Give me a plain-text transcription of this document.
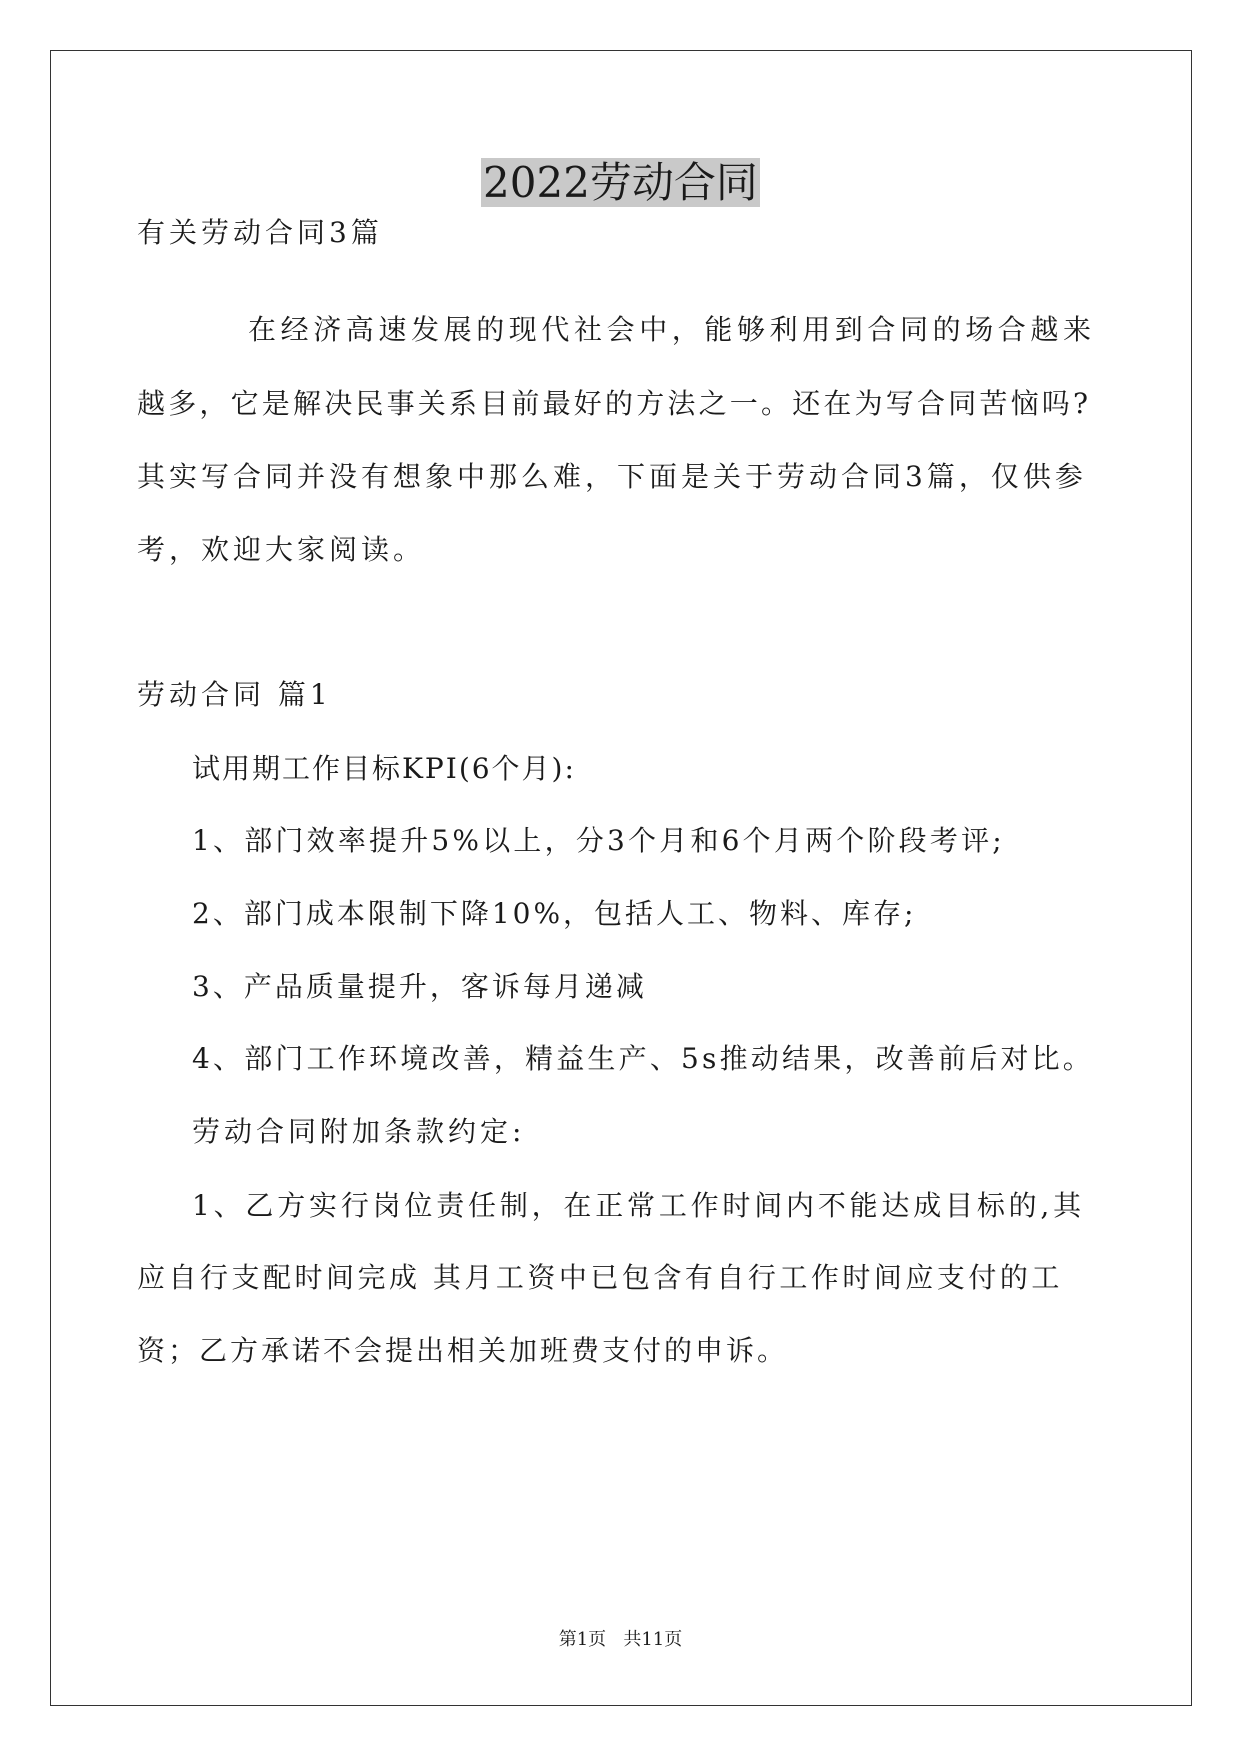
2022劳动合同

有关劳动合同3篇

在经济高速发展的现代社会中，能够利用到合同的场合越来

越多，它是解决民事关系目前最好的方法之一。还在为写合同苦恼吗?

其实写合同并没有想象中那么难，下面是关于劳动合同3篇，仅供参

考，欢迎大家阅读。

劳动合同 篇1

试用期工作目标KPI(6个月):

1、部门效率提升5%以上，分3个月和6个月两个阶段考评;

2、部门成本限制下降10%，包括人工、物料、库存;

3、产品质量提升，客诉每月递减

4、部门工作环境改善，精益生产、5s推动结果，改善前后对比。

劳动合同附加条款约定:

1、乙方实行岗位责任制，在正常工作时间内不能达成目标的,其

应自行支配时间完成 其月工资中已包含有自行工作时间应支付的工

资；乙方承诺不会提出相关加班费支付的申诉。

第1页   共11页
